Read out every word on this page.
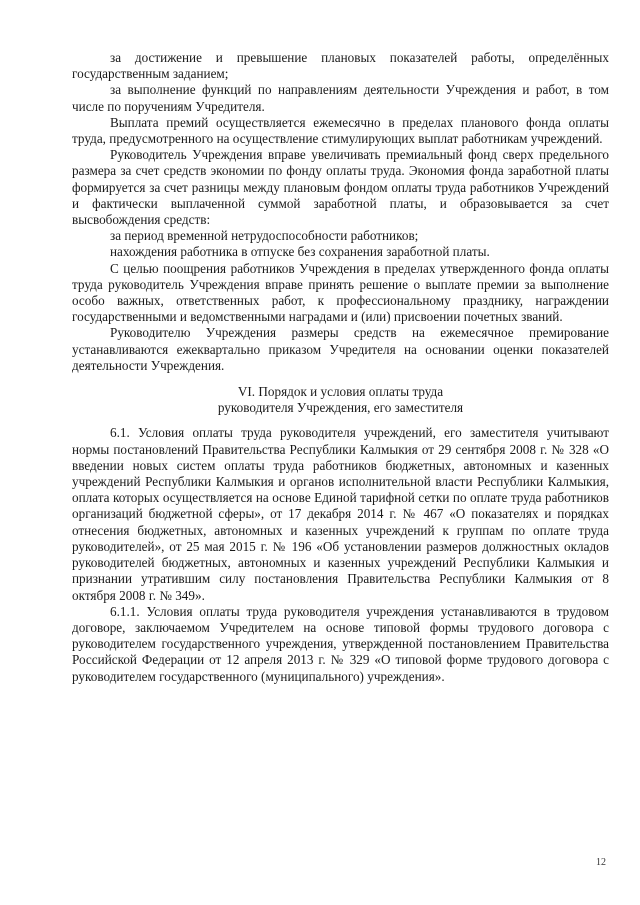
за достижение и превышение плановых показателей работы, определённых государственным заданием;

за выполнение функций по направлениям деятельности Учреждения и работ, в том числе по поручениям Учредителя.

Выплата премий осуществляется ежемесячно в пределах планового фонда оплаты труда, предусмотренного на осуществление стимулирующих выплат работникам учреждений.

Руководитель Учреждения вправе увеличивать премиальный фонд сверх предельного размера за счет средств экономии по фонду оплаты труда. Экономия фонда заработной платы формируется за счет разницы между плановым фондом оплаты труда работников Учреждений и фактически выплаченной суммой заработной платы, и образовывается за счет высвобождения средств:

за период временной нетрудоспособности работников;

нахождения работника в отпуске без сохранения заработной платы.

С целью поощрения работников Учреждения в пределах утвержденного фонда оплаты труда руководитель Учреждения вправе принять решение о выплате премии за выполнение особо важных, ответственных работ, к профессиональному празднику, награждении государственными и ведомственными наградами и (или) присвоении почетных званий.

Руководителю Учреждения размеры средств на ежемесячное премирование устанавливаются ежеквартально приказом Учредителя на основании оценки показателей деятельности Учреждения.

VI. Порядок и условия оплаты труда
руководителя Учреждения, его заместителя

6.1. Условия оплаты труда руководителя учреждений, его заместителя учитывают нормы постановлений Правительства Республики Калмыкия от 29 сентября 2008 г. № 328 «О введении новых систем оплаты труда работников бюджетных, автономных и казенных учреждений Республики Калмыкия и органов исполнительной власти Республики Калмыкия, оплата которых осуществляется на основе Единой тарифной сетки по оплате труда работников организаций бюджетной сферы», от 17 декабря 2014 г. № 467 «О показателях и порядках отнесения бюджетных, автономных и казенных учреждений к группам по оплате труда руководителей», от 25 мая 2015 г. № 196 «Об установлении размеров должностных окладов руководителей бюджетных, автономных и казенных учреждений Республики Калмыкия и признании утратившим силу постановления Правительства Республики Калмыкия от 8 октября 2008 г. № 349».

6.1.1. Условия оплаты труда руководителя учреждения устанавливаются в трудовом договоре, заключаемом Учредителем на основе типовой формы трудового договора с руководителем государственного учреждения, утвержденной постановлением Правительства Российской Федерации от 12 апреля 2013 г. № 329 «О типовой форме трудового договора с руководителем государственного (муниципального) учреждения».

12
